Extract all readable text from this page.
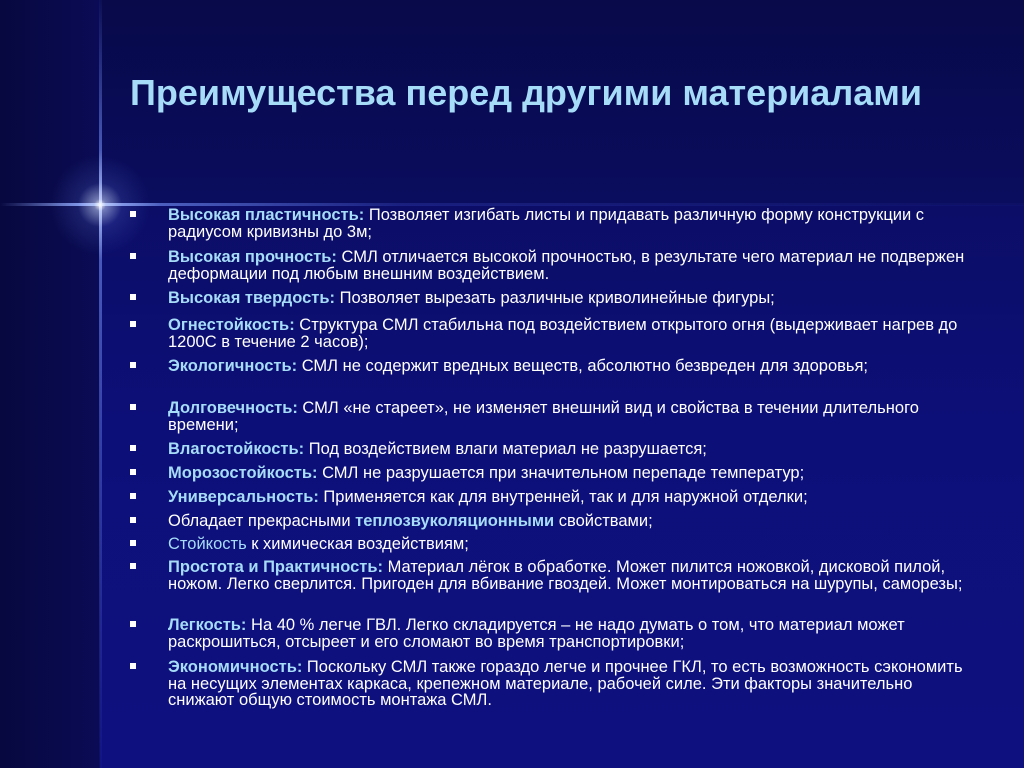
Преимущества перед другими материалами
Высокая пластичность: Позволяет изгибать листы и придавать различную форму конструкции с радиусом кривизны до 3м;
Высокая прочность: СМЛ отличается высокой прочностью, в результате чего материал не подвержен деформации под любым внешним воздействием.
Высокая твердость: Позволяет вырезать различные криволинейные фигуры;
Огнестойкость: Структура СМЛ стабильна под воздействием открытого огня (выдерживает нагрев до 1200С в течение 2 часов);
Экологичность: СМЛ не содержит вредных веществ, абсолютно безвреден для здоровья;
Долговечность: СМЛ «не стареет», не изменяет внешний вид и свойства в течении длительного времени;
Влагостойкость: Под воздействием влаги материал не разрушается;
Морозостойкость: СМЛ не разрушается при значительном перепаде температур;
Универсальность: Применяется как для внутренней, так и для наружной отделки;
Обладает прекрасными теплозвуколяционными свойствами;
Стойкость к химическая воздействиям;
Простота и Практичность: Материал лёгок в обработке. Может пилится ножовкой, дисковой пилой, ножом. Легко сверлится. Пригоден для вбивание гвоздей. Может монтироваться на шурупы, саморезы;
Легкость: На 40 % легче ГВЛ. Легко складируется – не надо думать о том, что материал может раскрошиться, отсыреет и его сломают во время транспортировки;
Экономичность: Поскольку СМЛ также гораздо легче и прочнее ГКЛ, то есть возможность сэкономить на несущих элементах каркаса, крепежном материале, рабочей силе. Эти факторы значительно снижают общую стоимость монтажа СМЛ.
